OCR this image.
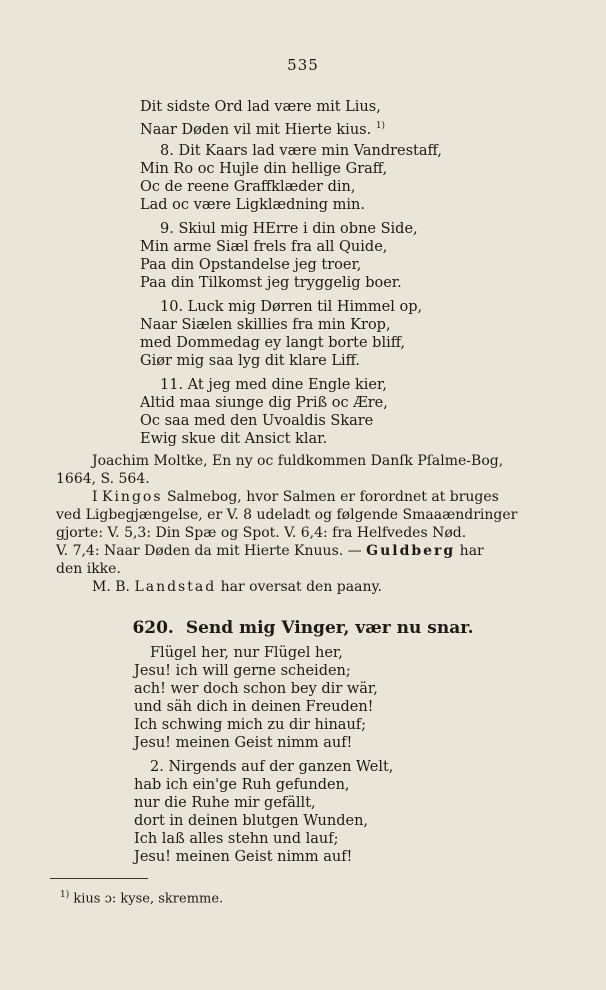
535
Dit sidste Ord lad være mit Lius,
Naar Døden vil mit Hierte kius. $^{1)}$
8. Dit Kaars lad være min Vandrestaff,
Min Ro oc Hujle din hellige Graff,
Oc de reene Graffklæder din,
Lad oc være Ligklædning min.
9. Skiul mig HErre i din obne Side,
Min arme Siæl frels fra all Quide,
Paa din Opstandelse jeg troer,
Paa din Tilkomst jeg tryggelig boer.
10. Luck mig Dørren til Himmel op,
Naar Siælen skillies fra min Krop,
med Dommedag ey langt borte bliff,
Giør mig saa lyg dit klare Liff.
11. At jeg med dine Engle kier,
Altid maa siunge dig Priß oc Ære,
Oc saa med den Uvoaldis Skare
Ewig skue dit Ansict klar.
Joachim Moltke, En ny oc fuldkommen Danſk Pſalme-Bog,
1664, S. 564.
I Kingos Salmebog, hvor Salmen er forordnet at bruges
ved Ligbegjængelse, er V. 8 udeladt og følgende Smaaændringer
gjorte: V. 5,3: Din Spæ og Spot. V. 6,4: fra Helfvedes Nød.
V. 7,4: Naar Døden da mit Hierte Knuus. — Guldberg har
den ikke.
M. B. Landstad har oversat den paany.
620. Send mig Vinger, vær nu snar.
Flügel her, nur Flügel her,
Jesu! ich will gerne scheiden;
ach! wer doch schon bey dir wär,
und säh dich in deinen Freuden!
Ich schwing mich zu dir hinauf;
Jesu! meinen Geist nimm auf!
2. Nirgends auf der ganzen Welt,
hab ich ein'ge Ruh gefunden,
nur die Ruhe mir gefällt,
dort in deinen blutgen Wunden,
Ich laß alles stehn und lauf;
Jesu! meinen Geist nimm auf!
$^{1)}$ kius ɔ: kyse, skremme.
